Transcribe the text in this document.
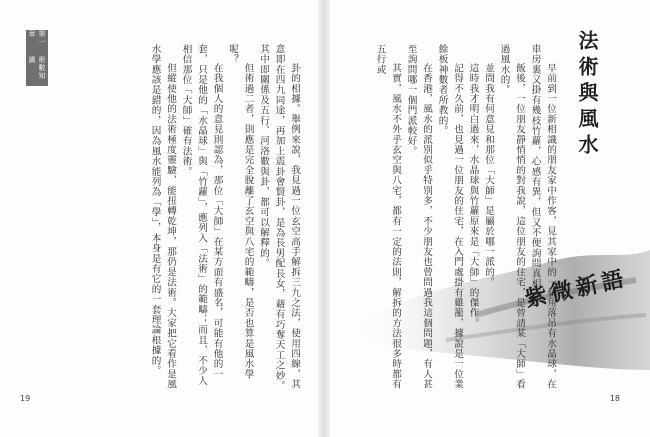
第一章
術數知識

卦的相據。舉例來說，我見過一位玄空高手解拆三九之法，使用四線，其意即在四九同途，再加上震卦會賢卦，是為長男配長女，藉有巧奪天工之妙。其中即關係及五行、河洛數與卦，都可以解釋的。

但術過二者，則應是完全脫離了玄空與八宅的範疇，是否也算是風水學呢？

在我個人的意見則認為，那位「大師」在某方面有盛名，可能有他的一套，只是他的「水晶球」與「竹蘿」，應列入「法術」的範疇；而且，不少人相信那位「大師」確有法術。

但縱使他的法術極度靈驗，能扭轉乾坤，那仍是法術。大家把它看作是風水學應該是錯的，因為風水能列為「學」，本身是有它的一套理論根據的。

19
法術與風水

早前到一位新相識的朋友家中作客，見其家中的一個角落吊有水晶球，在車房裏又掛有幾枝竹蘿，心感有異，但又不便詢問真相。

飯後，一位朋友靜悄悄的對我說，這位朋友的住宅，是曾請某「大師」看過風水的。

並問我有何意見和那位「大師」是屬於哪一派的。

這時我才明白過來，水晶球與竹蘿原來是「大師」的傑作。

記得不久前，也見過一位朋友的住宅，在入門處掛有雞籠，據說是一位業餘板神數者所教的。

在香港，風水的派別似乎特別多，不少朋友也曾問過我這個問題，有人甚至詢問哪一個門派較好。

其實，風水不外乎玄空與八宅，都有一定的法則，解拆的方法很多時都有五行或

紫微新語
18
